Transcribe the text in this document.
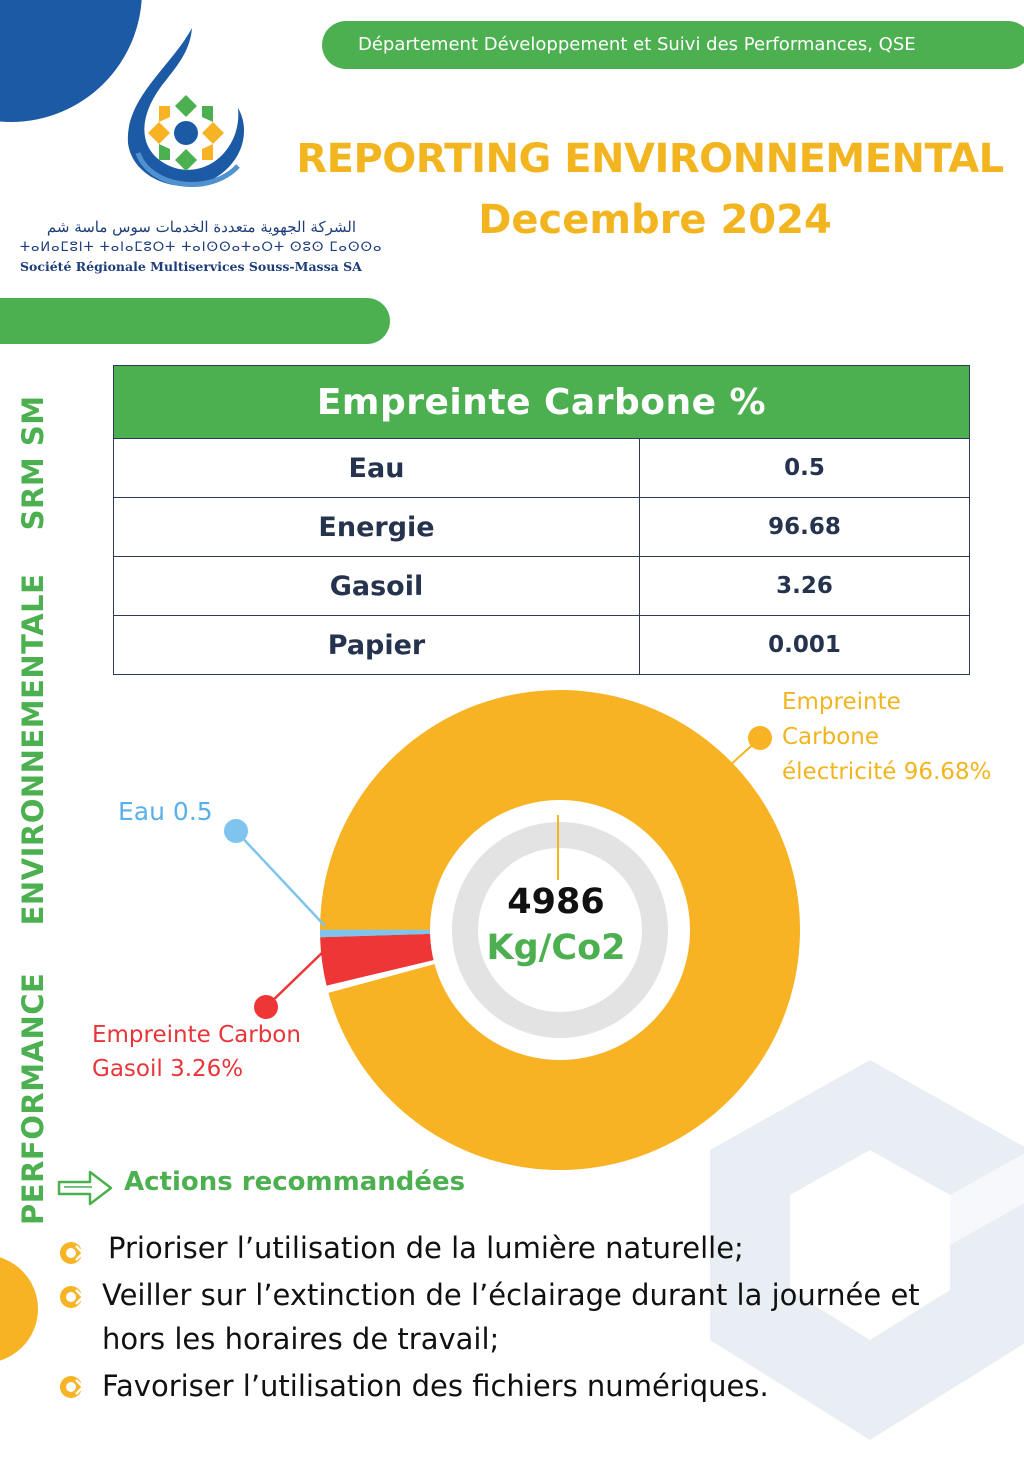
Département Développement et Suivi des Performances, QSE
الشركة الجهوية متعددة الخدمات سوس ماسة شم
ⵜⴰⵍⴰⵎⵓⵏⵜ ⵜⴰⵏⴰⵎⵓⵔⵜ ⵜⴰⵏⵙⵙⴰⵜⴰⵔⵜ ⵙⵓⵙ ⵎⴰⵙⵙⴰ
Société Régionale Multiservices Souss-Massa SA
REPORTING ENVIRONNEMENTAL
Decembre 2024
PERFORMANCE  ENVIRONNEMENTALE  SRM SM	Empreinte Carbone %	
Eau	0.5
Energie	96.68
Gasoil	3.26
Papier	0.001
Empreinte
Carbone
électricité 96.68%
Eau 0.5
Empreinte Carbon
Gasoil 3.26%
4986
Kg/Co2
Actions recommandées
Prioriser l’utilisation de la lumière naturelle;
Veiller sur l’extinction de l’éclairage durant la journée et hors les horaires de travail;
Favoriser l’utilisation des fichiers numériques.
